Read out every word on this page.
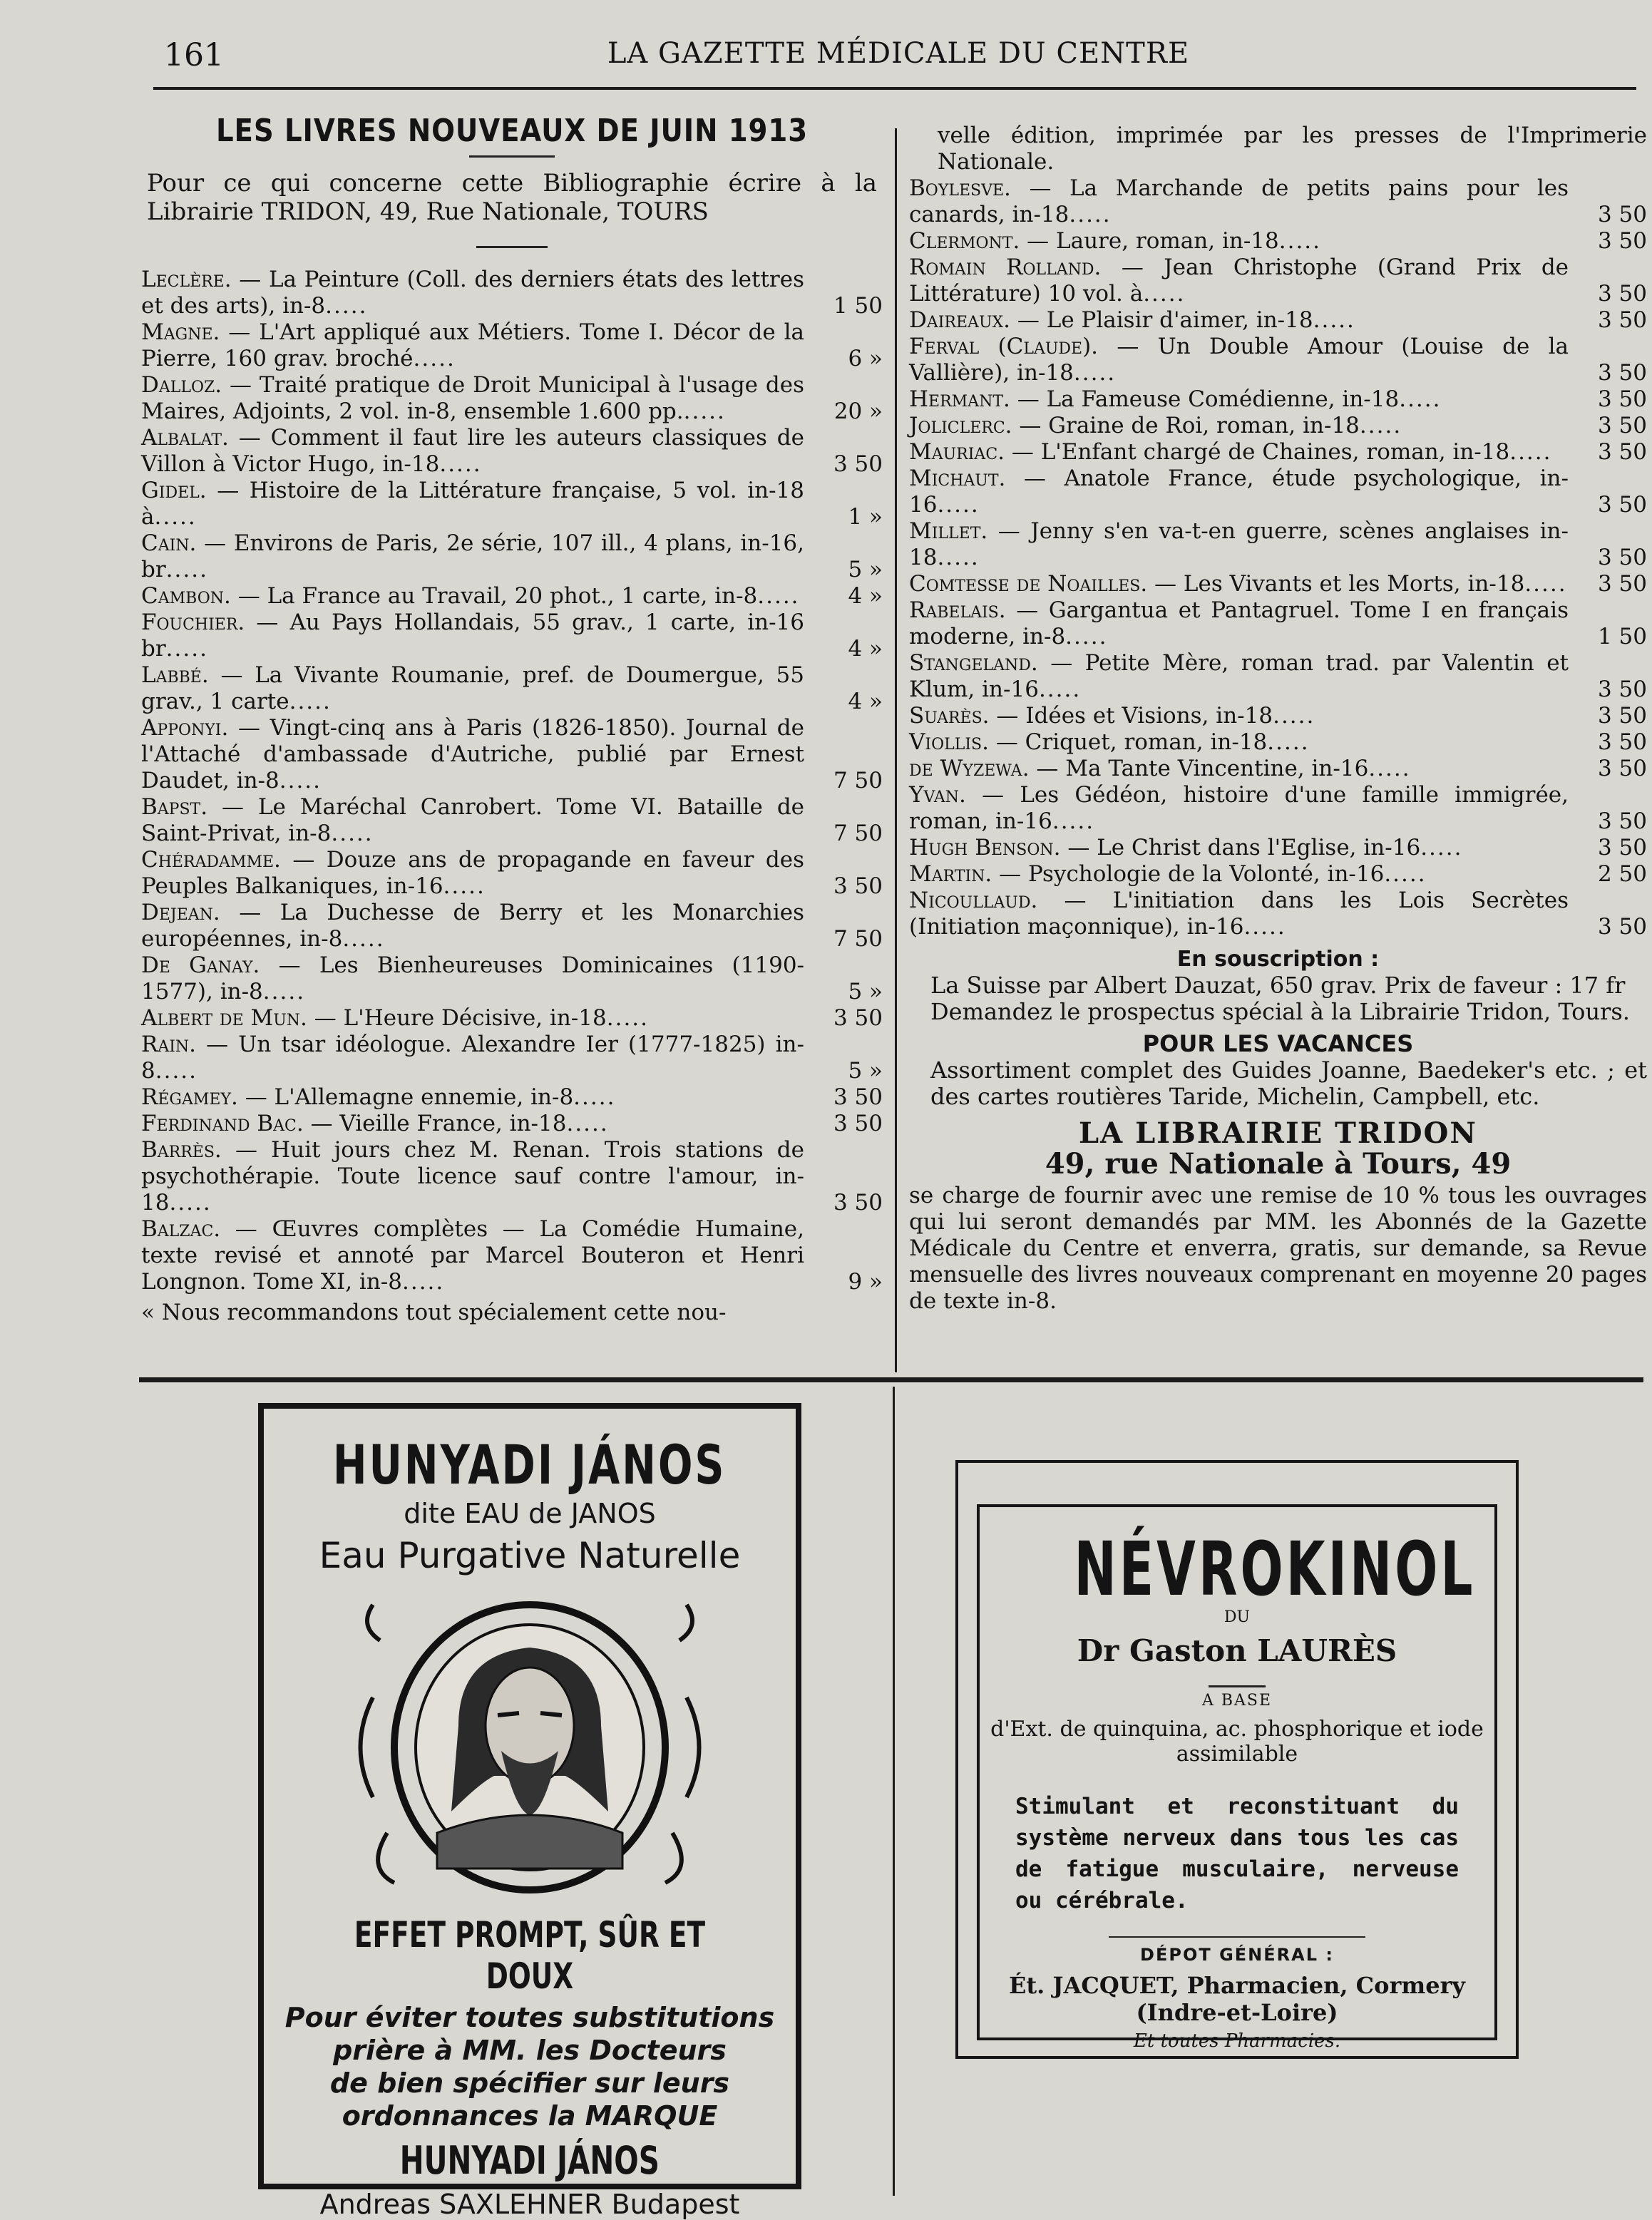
161	LA GAZETTE MÉDICALE DU CENTRE
LES LIVRES NOUVEAUX DE JUIN 1913
Pour ce qui concerne cette Bibliographie écrire à la Librairie TRIDON, 49, Rue Nationale, TOURS
Leclère. — La Peinture (Coll. des derniers états des lettres et des arts), in-8.....	1 50
Magne. — L'Art appliqué aux Métiers. Tome I. Décor de la Pierre, 160 grav. broché.....	6 »
Dalloz. — Traité pratique de Droit Municipal à l'usage des Maires, Adjoints, 2 vol. in-8, ensemble 1.600 pp......	20 »
Albalat. — Comment il faut lire les auteurs classiques de Villon à Victor Hugo, in-18.....	3 50
Gidel. — Histoire de la Littérature française, 5 vol. in-18 à.....	1 »
Cain. — Environs de Paris, 2e série, 107 ill., 4 plans, in-16, br.....	5 »
Cambon. — La France au Travail, 20 phot., 1 carte, in-8.....	4 »
Fouchier. — Au Pays Hollandais, 55 grav., 1 carte, in-16 br.....	4 »
Labbé. — La Vivante Roumanie, pref. de Doumergue, 55 grav., 1 carte.....	4 »
Apponyi. — Vingt-cinq ans à Paris (1826-1850). Journal de l'Attaché d'ambassade d'Autriche, publié par Ernest Daudet, in-8.....	7 50
Bapst. — Le Maréchal Canrobert. Tome VI. Bataille de Saint-Privat, in-8.....	7 50
Chéradamme. — Douze ans de propagande en faveur des Peuples Balkaniques, in-16.....	3 50
Dejean. — La Duchesse de Berry et les Monarchies européennes, in-8.....	7 50
De Ganay. — Les Bienheureuses Dominicaines (1190-1577), in-8.....	5 »
Albert de Mun. — L'Heure Décisive, in-18.....	3 50
Rain. — Un tsar idéologue. Alexandre Ier (1777-1825) in-8.....	5 »
Régamey. — L'Allemagne ennemie, in-8.....	3 50
Ferdinand Bac. — Vieille France, in-18.....	3 50
Barrès. — Huit jours chez M. Renan. Trois stations de psychothérapie. Toute licence sauf contre l'amour, in-18.....	3 50
Balzac. — Œuvres complètes — La Comédie Humaine, texte revisé et annoté par Marcel Bouteron et Henri Longnon. Tome XI, in-8.....	9 »
« Nous recommandons tout spécialement cette nou-
velle édition, imprimée par les presses de l'Imprimerie Nationale.
Boylesve. — La Marchande de petits pains pour les canards, in-18.....	3 50
Clermont. — Laure, roman, in-18.....	3 50
Romain Rolland. — Jean Christophe (Grand Prix de Littérature) 10 vol. à.....	3 50
Daireaux. — Le Plaisir d'aimer, in-18.....	3 50
Ferval (Claude). — Un Double Amour (Louise de la Vallière), in-18.....	3 50
Hermant. — La Fameuse Comédienne, in-18.....	3 50
Joliclerc. — Graine de Roi, roman, in-18.....	3 50
Mauriac. — L'Enfant chargé de Chaines, roman, in-18.....	3 50
Michaut. — Anatole France, étude psychologique, in-16.....	3 50
Millet. — Jenny s'en va-t-en guerre, scènes anglaises in-18.....	3 50
Comtesse de Noailles. — Les Vivants et les Morts, in-18.....	3 50
Rabelais. — Gargantua et Pantagruel. Tome I en français moderne, in-8.....	1 50
Stangeland. — Petite Mère, roman trad. par Valentin et Klum, in-16.....	3 50
Suarès. — Idées et Visions, in-18.....	3 50
Viollis. — Criquet, roman, in-18.....	3 50
de Wyzewa. — Ma Tante Vincentine, in-16.....	3 50
Yvan. — Les Gédéon, histoire d'une famille immigrée, roman, in-16.....	3 50
Hugh Benson. — Le Christ dans l'Eglise, in-16.....	3 50
Martin. — Psychologie de la Volonté, in-16.....	2 50
Nicoullaud. — L'initiation dans les Lois Secrètes (Initiation maçonnique), in-16.....	3 50
En souscription :
La Suisse par Albert Dauzat, 650 grav. Prix de faveur : 17 fr
Demandez le prospectus spécial à la Librairie Tridon, Tours.
POUR LES VACANCES
Assortiment complet des Guides Joanne, Baedeker's etc. ; et des cartes routières Taride, Michelin, Campbell, etc.
LA LIBRAIRIE TRIDON
49, rue Nationale à Tours, 49
se charge de fournir avec une remise de 10 % tous les ouvrages qui lui seront demandés par MM. les Abonnés de la Gazette Médicale du Centre et enverra, gratis, sur demande, sa Revue mensuelle des livres nouveaux comprenant en moyenne 20 pages de texte in-8.
HUNYADI JÁNOS
dite EAU de JANOS
Eau Purgative Naturelle
EFFET PROMPT, SÛR ET DOUX
Pour éviter toutes substitutions
prière à MM. les Docteurs
de bien spécifier sur leurs
ordonnances la MARQUE
HUNYADI JÁNOS
Andreas SAXLEHNER Budapest
NÉVROKINOL
DU
Dr Gaston LAURÈS
A BASE
d'Ext. de quinquina, ac. phosphorique et iode assimilable
Stimulant et reconstituant du système nerveux dans tous les cas de fatigue musculaire, nerveuse ou cérébrale.
DÉPOT GÉNÉRAL :
Ét. JACQUET, Pharmacien, Cormery (Indre-et-Loire)
Et toutes Pharmacies.
